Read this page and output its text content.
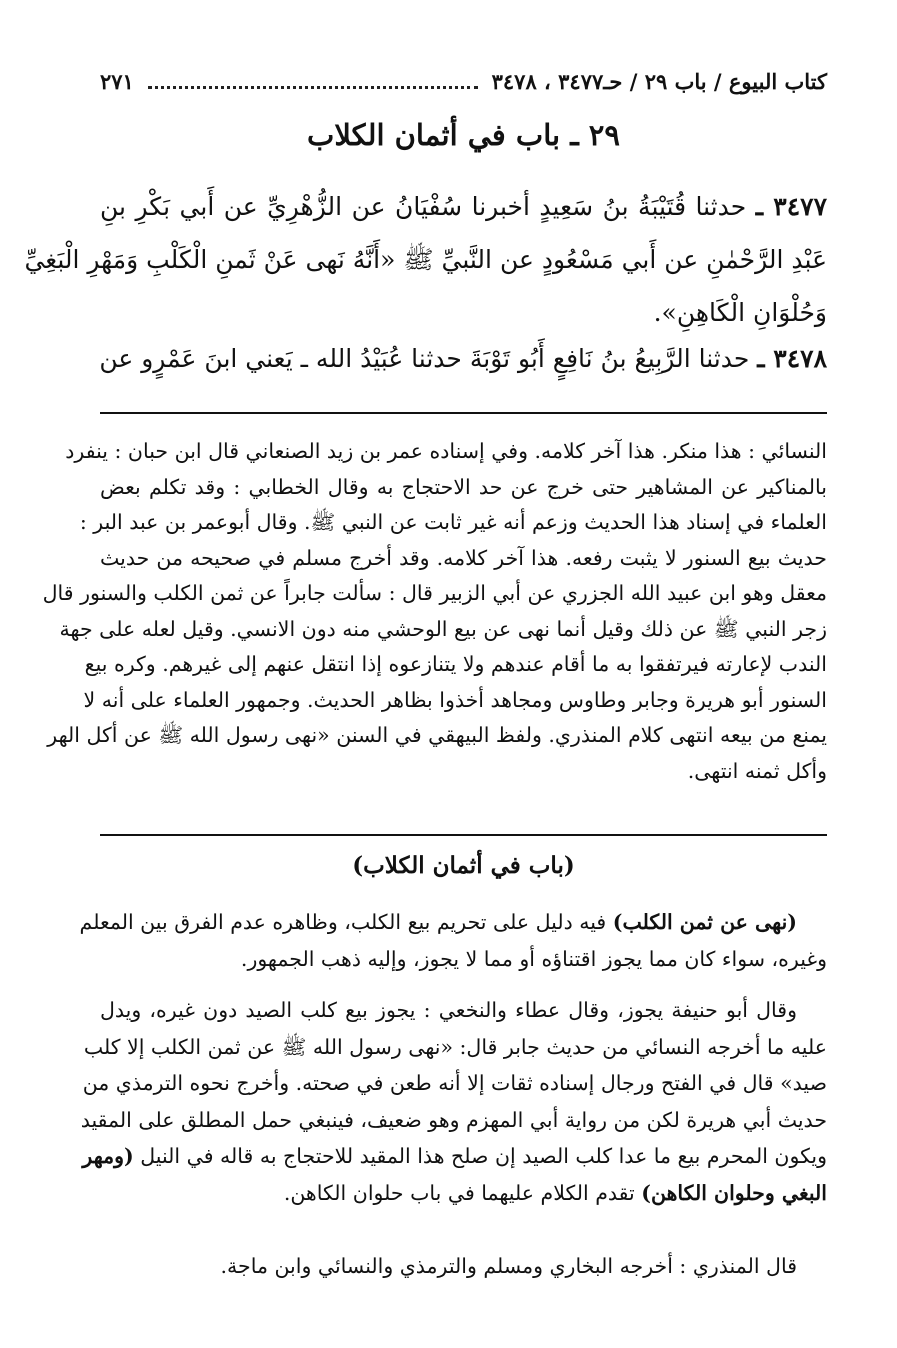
كتاب البيوع / باب ٢٩ / حـ٣٤٧٧ ، ٣٤٧٨
٢٧١
٢٩ ـ باب في أثمان الكلاب
٣٤٧٧ ـ حدثنا قُتَيْبَةُ بنُ سَعِيدٍ أخبرنا سُفْيَانُ عن الزُّهْرِيِّ عن أَبي بَكْرِ بنِ
عَبْدِ الرَّحْمٰنِ عن أَبي مَسْعُودٍ عن النَّبيِّ ﷺ «أَنَّهُ نَهى عَنْ ثَمنِ الْكَلْبِ وَمَهْرِ الْبَغِيِّ
وَحُلْوَانِ الْكَاهِنِ».
٣٤٧٨ ـ حدثنا الرَّبِيعُ بنُ نَافِعٍ أَبُو تَوْبَةَ حدثنا عُبَيْدُ الله ـ يَعني ابنَ عَمْرٍو عن
النسائي : هذا منكر. هذا آخر كلامه. وفي إسناده عمر بن زيد الصنعاني قال ابن حبان : ينفرد
بالمناكير عن المشاهير حتى خرج عن حد الاحتجاج به وقال الخطابي : وقد تكلم بعض
العلماء في إسناد هذا الحديث وزعم أنه غير ثابت عن النبي ﷺ. وقال أبوعمر بن عبد البر :
حديث بيع السنور لا يثبت رفعه. هذا آخر كلامه. وقد أخرج مسلم في صحيحه من حديث
معقل وهو ابن عبيد الله الجزري عن أبي الزبير قال : سألت جابراً عن ثمن الكلب والسنور قال
زجر النبي ﷺ عن ذلك وقيل أنما نهى عن بيع الوحشي منه دون الانسي. وقيل لعله على جهة
الندب لإعارته فيرتفقوا به ما أقام عندهم ولا يتنازعوه إذا انتقل عنهم إلى غيرهم. وكره بيع
السنور أبو هريرة وجابر وطاوس ومجاهد أخذوا بظاهر الحديث. وجمهور العلماء على أنه لا
يمنع من بيعه انتهى كلام المنذري. ولفظ البيهقي في السنن «نهى رسول الله ﷺ عن أكل الهر
وأكل ثمنه انتهى.
(باب في أثمان الكلاب)
(نهى عن ثمن الكلب) فيه دليل على تحريم بيع الكلب، وظاهره عدم الفرق بين المعلم
وغيره، سواء كان مما يجوز اقتناؤه أو مما لا يجوز، وإليه ذهب الجمهور.
وقال أبو حنيفة يجوز، وقال عطاء والنخعي : يجوز بيع كلب الصيد دون غيره، ويدل
عليه ما أخرجه النسائي من حديث جابر قال: «نهى رسول الله ﷺ عن ثمن الكلب إلا كلب
صيد» قال في الفتح ورجال إسناده ثقات إلا أنه طعن في صحته. وأخرج نحوه الترمذي من
حديث أبي هريرة لكن من رواية أبي المهزم وهو ضعيف، فينبغي حمل المطلق على المقيد
ويكون المحرم بيع ما عدا كلب الصيد إن صلح هذا المقيد للاحتجاج به قاله في النيل (ومهر
البغي وحلوان الكاهن) تقدم الكلام عليهما في باب حلوان الكاهن.
قال المنذري : أخرجه البخاري ومسلم والترمذي والنسائي وابن ماجة.
